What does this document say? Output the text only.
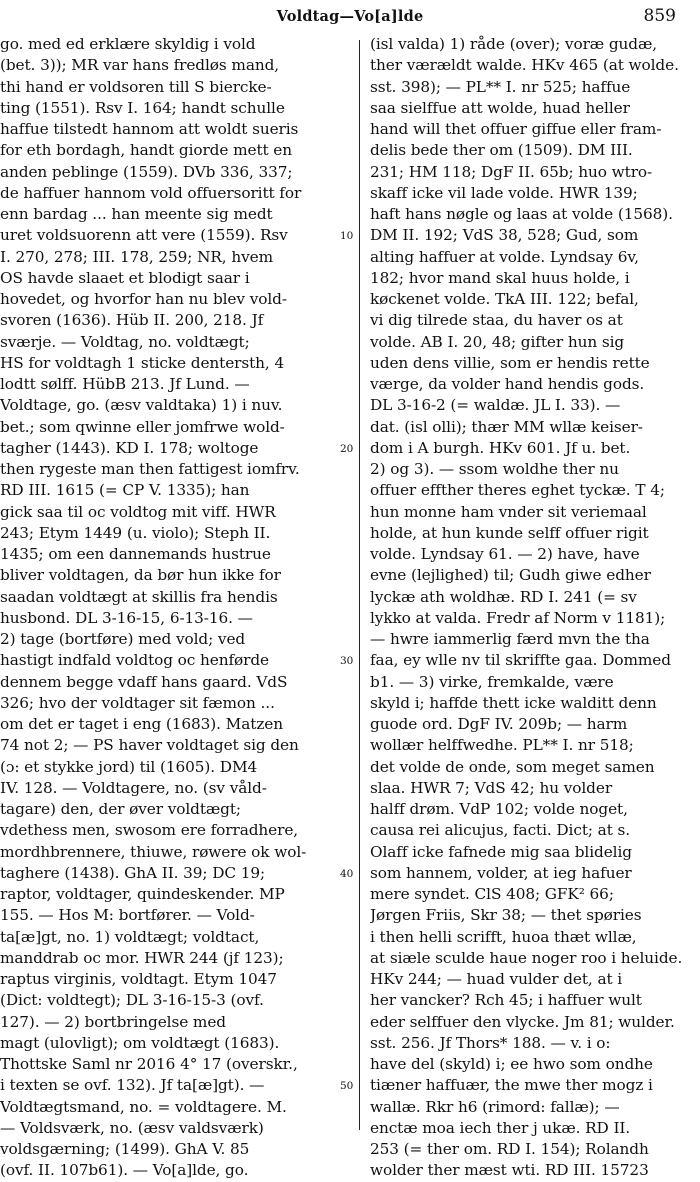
Voldtag—Vo[a]lde	859
go. med ed erklære skyldig i vold
(bet. 3)); MR var hans fredløs mand,
thi hand er voldsoren till S biercke-
ting (1551). Rsv I. 164; handt schulle
haffue tilstedt hannom att woldt sueris
for eth bordagh, handt giorde mett en
anden peblinge (1559). DVb 336, 337;
de haffuer hannom vold offuersoritt for
enn bardag ... han meente sig medt
uret voldsuorenn att vere (1559). Rsv
I. 270, 278; III. 178, 259; NR, hvem
OS havde slaaet et blodigt saar i
hovedet, og hvorfor han nu blev vold-
svoren (1636). Hüb II. 200, 218. Jf
sværje. — Voldtag, no. voldtægt;
HS for voldtagh 1 sticke dentersth, 4
lodtt sølff. HübB 213. Jf Lund. —
Voldtage, go. (æsv valdtaka) 1) i nuv.
bet.; som qwinne eller jomfrwe wold-
tagher (1443). KD I. 178; woltoge
then rygeste man then fattigest iomfrv.
RD III. 1615 (= CP V. 1335); han
gick saa til oc voldtog mit viff. HWR
243; Etym 1449 (u. violo); Steph II.
1435; om een dannemands hustrue
bliver voldtagen, da bør hun ikke for
saadan voldtægt at skillis fra hendis
husbond. DL 3-16-15, 6-13-16. —
2) tage (bortføre) med vold; ved
hastigt indfald voldtog oc henførde
dennem begge vdaff hans gaard. VdS
326; hvo der voldtager sit fæmon ...
om det er taget i eng (1683). Matzen
74 not 2; — PS haver voldtaget sig den
(ɔ: et stykke jord) til (1605). DM4
IV. 128. — Voldtagere, no. (sv våld-
tagare) den, der øver voldtægt;
vdethess men, swosom ere forradhere,
mordhbrennere, thiuwe, røwere ok wol-
taghere (1438). GhA II. 39; DC 19;
raptor, voldtager, quindeskender. MP
155. — Hos M: bortfører. — Vold-
ta[æ]gt, no. 1) voldtægt; voldtact,
manddrab oc mor. HWR 244 (jf 123);
raptus virginis, voldtagt. Etym 1047
(Dict: voldtegt); DL 3-16-15-3 (ovf.
127). — 2) bortbringelse med
magt (ulovligt); om voldtægt (1683).
Thottske Saml nr 2016 4° 17 (overskr.,
i texten se ovf. 132). Jf ta[æ]gt). —
Voldtægtsmand, no. = voldtagere. M.
— Voldsværk, no. (æsv valdsværk)
voldsgærning; (1499). GhA V. 85
(ovf. II. 107b61). — Vo[a]lde, go.
(isl valda) 1) råde (over); voræ gudæ,
ther værældt walde. HKv 465 (at wolde.
sst. 398); — PL** I. nr 525; haffue
saa sielffue att wolde, huad heller
hand will thet offuer giffue eller fram-
delis bede ther om (1509). DM III.
231; HM 118; DgF II. 65b; huo wtro-
skaff icke vil lade volde. HWR 139;
haft hans nøgle og laas at volde (1568).
DM II. 192; VdS 38, 528; Gud, som
alting haffuer at volde. Lyndsay 6v,
182; hvor mand skal huus holde, i
køckenet volde. TkA III. 122; befal,
vi dig tilrede staa, du haver os at
volde. AB I. 20, 48; gifter hun sig
uden dens villie, som er hendis rette
værge, da volder hand hendis gods.
DL 3-16-2 (= waldæ. JL I. 33). —
dat. (isl olli); thær MM wllæ keiser-
dom i A burgh. HKv 601. Jf u. bet.
2) og 3). — ssom woldhe ther nu
offuer effther theres eghet tyckæ. T 4;
hun monne ham vnder sit veriemaal
holde, at hun kunde selff offuer rigit
volde. Lyndsay 61. — 2) have, have
evne (lejlighed) til; Gudh giwe edher
lyckæ ath woldhæ. RD I. 241 (= sv
lykko at valda. Fredr af Norm v 1181);
— hwre iammerlig færd mvn the tha
faa, ey wlle nv til skriffte gaa. Dommed
b1. — 3) virke, fremkalde, være
skyld i; haffde thett icke walditt denn
guode ord. DgF IV. 209b; — harm
wollær helffwedhe. PL** I. nr 518;
det volde de onde, som meget samen
slaa. HWR 7; VdS 42; hu volder
halff drøm. VdP 102; volde noget,
causa rei alicujus, facti. Dict; at s.
Olaff icke fafnede mig saa blidelig
som hannem, volder, at ieg hafuer
mere syndet. ClS 408; GFK² 66;
Jørgen Friis, Skr 38; — thet spøries
i then helli scrifft, huoa thæt wllæ,
at siæle sculde haue noger roo i heluide.
HKv 244; — huad vulder det, at i
her vancker? Rch 45; i haffuer wult
eder selffuer den vlycke. Jm 81; wulder.
sst. 256. Jf Thors* 188. — v. i o:
have del (skyld) i; ee hwo som ondhe
tiæner haffuær, the mwe ther mogz i
wallæ. Rkr h6 (rimord: fallæ); —
enctæ moa iech ther j ukæ. RD II.
253 (= ther om. RD I. 154); Rolandh
wolder ther mæst wti. RD III. 15723
10
20
30
40
50
